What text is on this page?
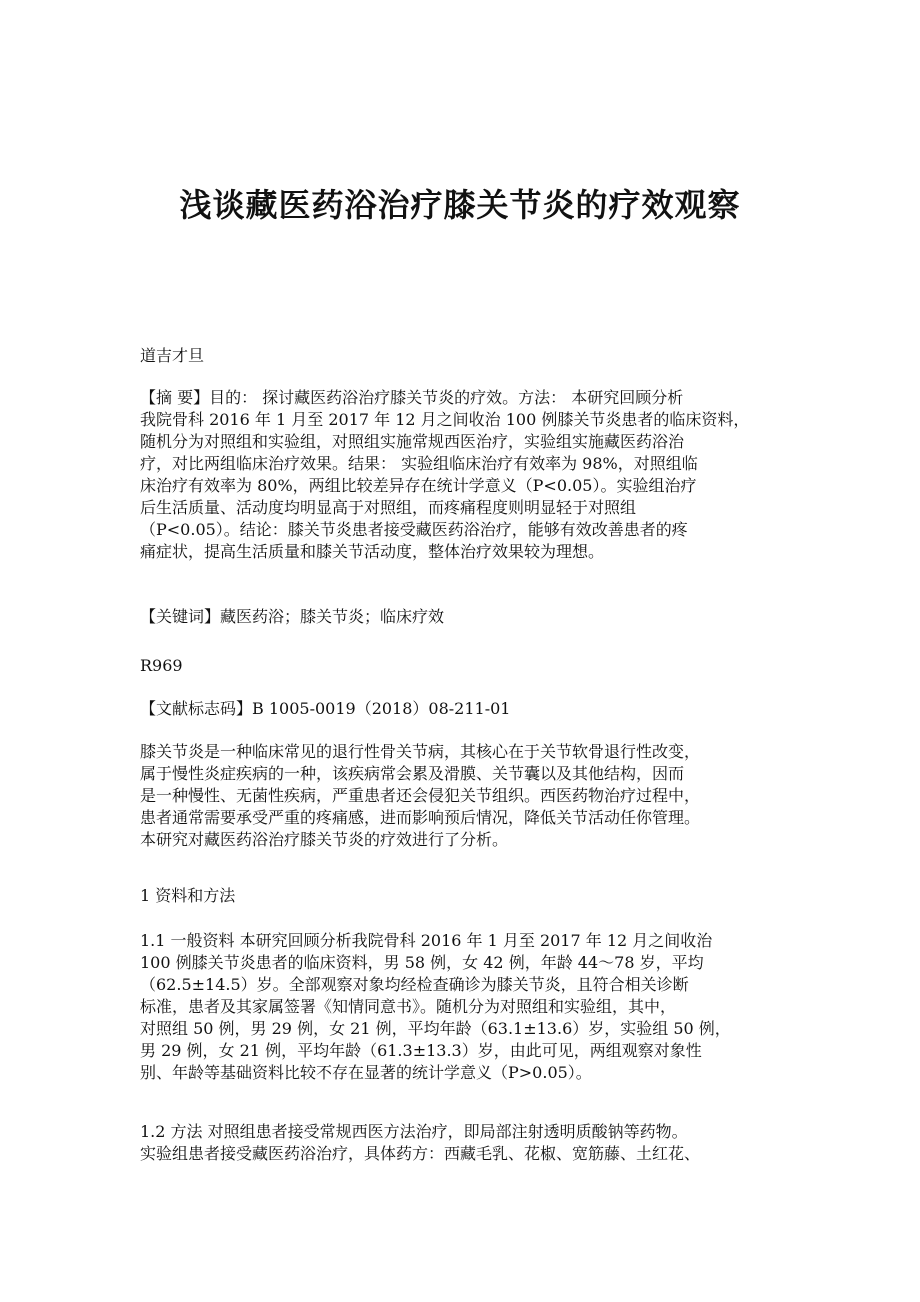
浅谈藏医药浴治疗膝关节炎的疗效观察

道吉才旦

【摘 要】目的： 探讨藏医药浴治疗膝关节炎的疗效。方法： 本研究回顾分析
我院骨科 2016 年 1 月至 2017 年 12 月之间收治 100 例膝关节炎患者的临床资料，
随机分为对照组和实验组，对照组实施常规西医治疗，实验组实施藏医药浴治
疗，对比两组临床治疗效果。结果： 实验组临床治疗有效率为 98%，对照组临
床治疗有效率为 80%，两组比较差异存在统计学意义（P<0.05）。实验组治疗
后生活质量、活动度均明显高于对照组，而疼痛程度则明显轻于对照组
（P<0.05）。结论：膝关节炎患者接受藏医药浴治疗，能够有效改善患者的疼
痛症状，提高生活质量和膝关节活动度，整体治疗效果较为理想。

【关键词】藏医药浴；膝关节炎；临床疗效

R969

【文献标志码】B 1005-0019（2018）08-211-01

膝关节炎是一种临床常见的退行性骨关节病，其核心在于关节软骨退行性改变，
属于慢性炎症疾病的一种，该疾病常会累及滑膜、关节囊以及其他结构，因而
是一种慢性、无菌性疾病，严重患者还会侵犯关节组织。西医药物治疗过程中，
患者通常需要承受严重的疼痛感，进而影响预后情况，降低关节活动任你管理。
本研究对藏医药浴治疗膝关节炎的疗效进行了分析。

1 资料和方法

1.1 一般资料 本研究回顾分析我院骨科 2016 年 1 月至 2017 年 12 月之间收治
100 例膝关节炎患者的临床资料，男 58 例，女 42 例，年龄 44～78 岁，平均
（62.5±14.5）岁。全部观察对象均经检查确诊为膝关节炎，且符合相关诊断
标准，患者及其家属签署《知情同意书》。随机分为对照组和实验组，其中，
对照组 50 例，男 29 例，女 21 例，平均年龄（63.1±13.6）岁，实验组 50 例，
男 29 例，女 21 例，平均年龄（61.3±13.3）岁，由此可见，两组观察对象性
别、年龄等基础资料比较不存在显著的统计学意义（P>0.05）。
1.2 方法 对照组患者接受常规西医方法治疗，即局部注射透明质酸钠等药物。
实验组患者接受藏医药浴治疗，具体药方：西藏毛乳、花椒、宽筋藤、土红花、
